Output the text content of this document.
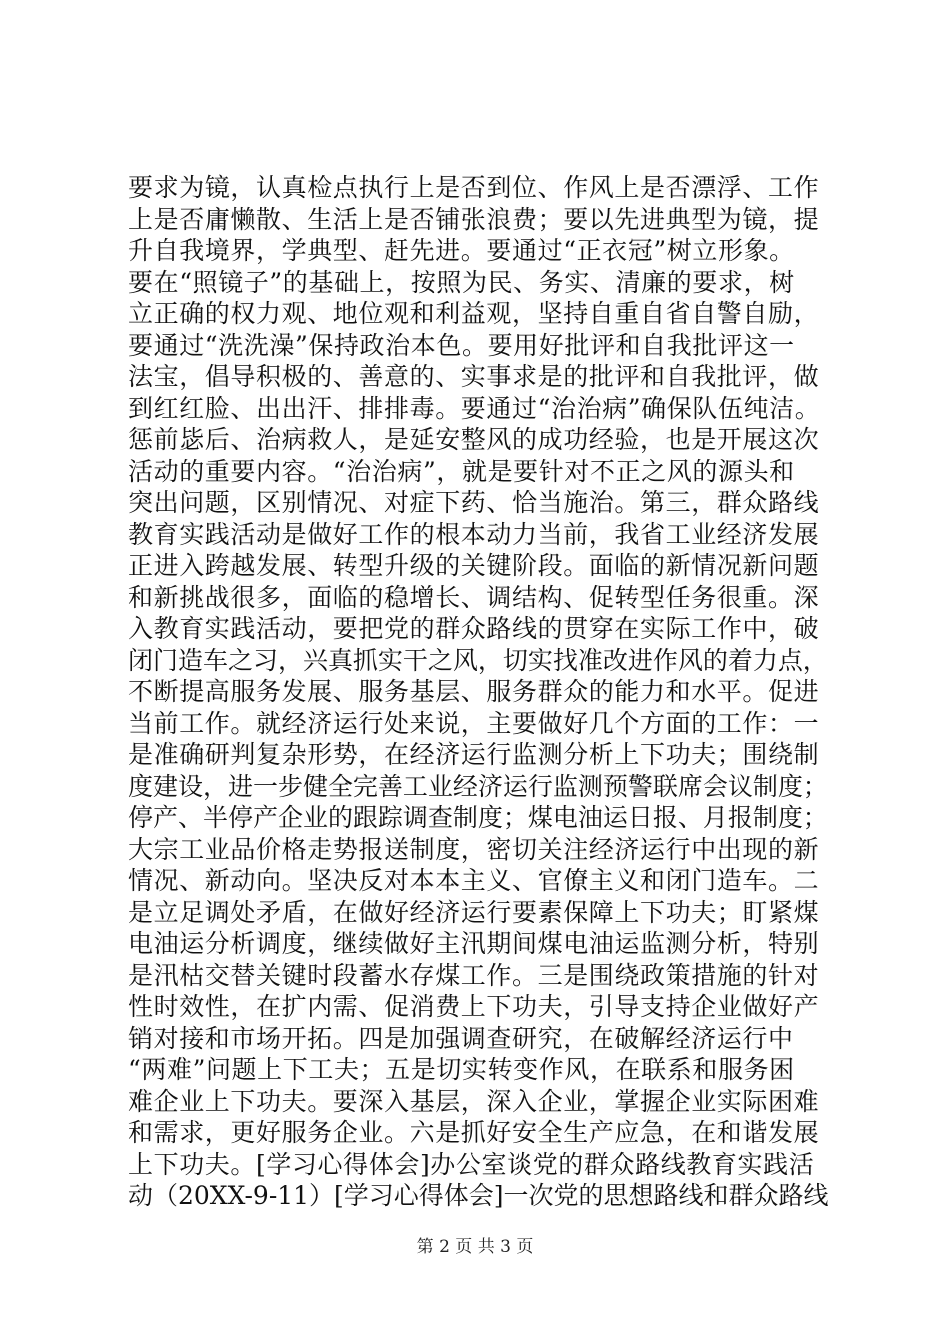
要求为镜，认真检点执行上是否到位、作风上是否漂浮、工作
上是否庸懒散、生活上是否铺张浪费；要以先进典型为镜，提
升自我境界，学典型、赶先进。要通过“正衣冠”树立形象。
要在“照镜子”的基础上，按照为民、务实、清廉的要求，树
立正确的权力观、地位观和利益观，坚持自重自省自警自励，
要通过“洗洗澡”保持政治本色。要用好批评和自我批评这一
法宝，倡导积极的、善意的、实事求是的批评和自我批评，做
到红红脸、出出汗、排排毒。要通过“治治病”确保队伍纯洁。
惩前毖后、治病救人，是延安整风的成功经验，也是开展这次
活动的重要内容。“治治病”，就是要针对不正之风的源头和
突出问题，区别情况、对症下药、恰当施治。第三，群众路线
教育实践活动是做好工作的根本动力当前，我省工业经济发展
正进入跨越发展、转型升级的关键阶段。面临的新情况新问题
和新挑战很多，面临的稳增长、调结构、促转型任务很重。深
入教育实践活动，要把党的群众路线的贯穿在实际工作中，破
闭门造车之习，兴真抓实干之风，切实找准改进作风的着力点，
不断提高服务发展、服务基层、服务群众的能力和水平。促进
当前工作。就经济运行处来说，主要做好几个方面的工作：一
是准确研判复杂形势，在经济运行监测分析上下功夫；围绕制
度建设，进一步健全完善工业经济运行监测预警联席会议制度；
停产、半停产企业的跟踪调查制度；煤电油运日报、月报制度；
大宗工业品价格走势报送制度，密切关注经济运行中出现的新
情况、新动向。坚决反对本本主义、官僚主义和闭门造车。二
是立足调处矛盾，在做好经济运行要素保障上下功夫；盯紧煤
电油运分析调度，继续做好主汛期间煤电油运监测分析，特别
是汛枯交替关键时段蓄水存煤工作。三是围绕政策措施的针对
性时效性，在扩内需、促消费上下功夫，引导支持企业做好产
销对接和市场开拓。四是加强调查研究，在破解经济运行中
“两难”问题上下工夫；五是切实转变作风，在联系和服务困
难企业上下功夫。要深入基层，深入企业，掌握企业实际困难
和需求，更好服务企业。六是抓好安全生产应急，在和谐发展
上下功夫。[学习心得体会]办公室谈党的群众路线教育实践活
动（20XX-9-11）[学习心得体会]一次党的思想路线和群众路线
第 2 页 共 3 页
